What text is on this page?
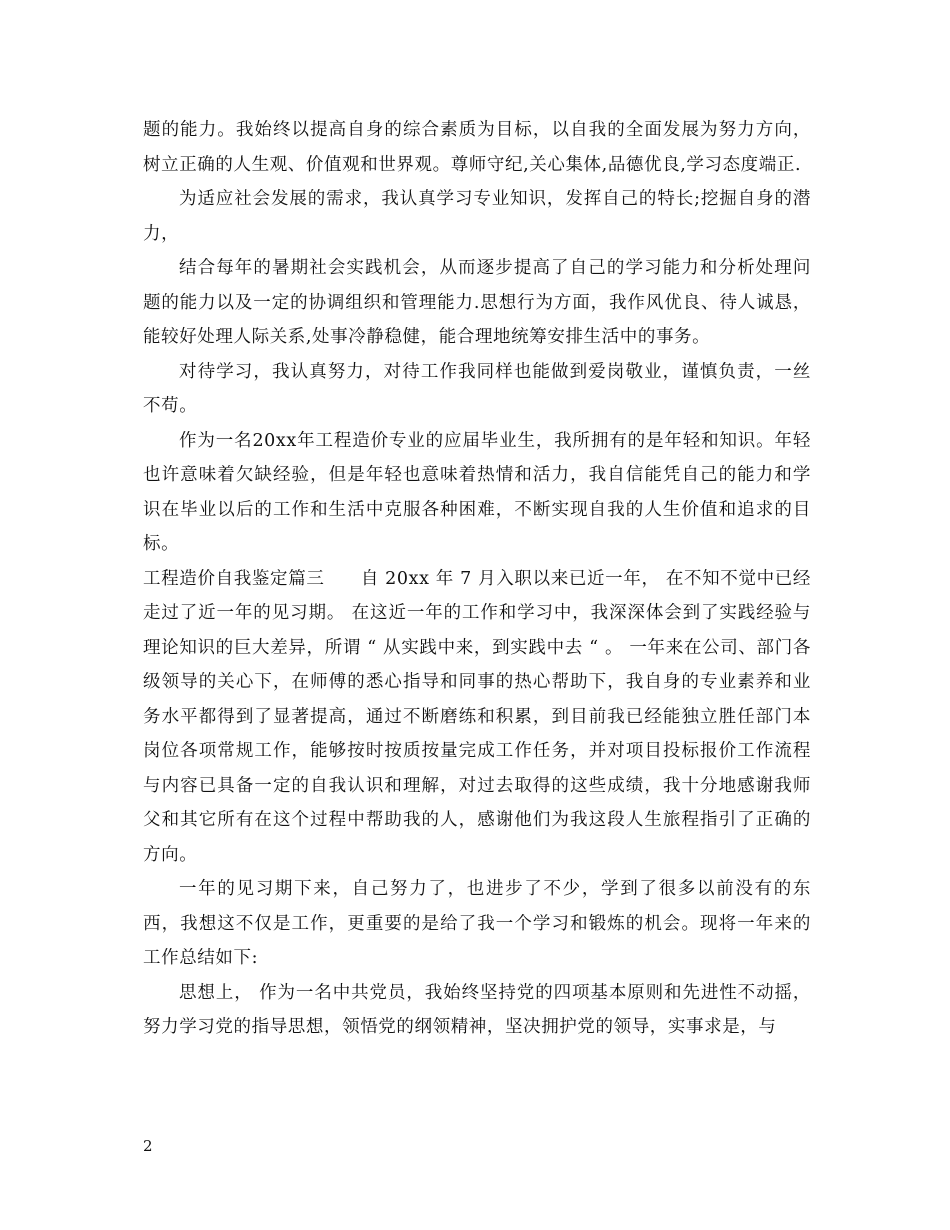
题的能力。我始终以提高自身的综合素质为目标，以自我的全面发展为努力方向，树立正确的人生观、价值观和世界观。尊师守纪,关心集体,品德优良,学习态度端正.

为适应社会发展的需求，我认真学习专业知识，发挥自己的特长;挖掘自身的潜力，

结合每年的暑期社会实践机会，从而逐步提高了自己的学习能力和分析处理问题的能力以及一定的协调组织和管理能力.思想行为方面，我作风优良、待人诚恳，能较好处理人际关系,处事冷静稳健，能合理地统筹安排生活中的事务。

对待学习，我认真努力，对待工作我同样也能做到爱岗敬业，谨慎负责，一丝不苟。

作为一名20xx年工程造价专业的应届毕业生，我所拥有的是年轻和知识。年轻也许意味着欠缺经验，但是年轻也意味着热情和活力，我自信能凭自己的能力和学识在毕业以后的工作和生活中克服各种困难，不断实现自我的人生价值和追求的目标。

工程造价自我鉴定篇三　　自 20xx 年 7 月入职以来已近一年， 在不知不觉中已经走过了近一年的见习期。 在这近一年的工作和学习中，我深深体会到了实践经验与理论知识的巨大差异，所谓 “ 从实践中来，到实践中去 “ 。 一年来在公司、部门各级领导的关心下，在师傅的悉心指导和同事的热心帮助下，我自身的专业素养和业务水平都得到了显著提高，通过不断磨练和积累，到目前我已经能独立胜任部门本岗位各项常规工作，能够按时按质按量完成工作任务，并对项目投标报价工作流程与内容已具备一定的自我认识和理解，对过去取得的这些成绩，我十分地感谢我师父和其它所有在这个过程中帮助我的人，感谢他们为我这段人生旅程指引了正确的方向。

一年的见习期下来，自己努力了，也进步了不少，学到了很多以前没有的东西，我想这不仅是工作，更重要的是给了我一个学习和锻炼的机会。现将一年来的工作总结如下:

思想上， 作为一名中共党员，我始终坚持党的四项基本原则和先进性不动摇，努力学习党的指导思想，领悟党的纲领精神，坚决拥护党的领导，实事求是，与

2
